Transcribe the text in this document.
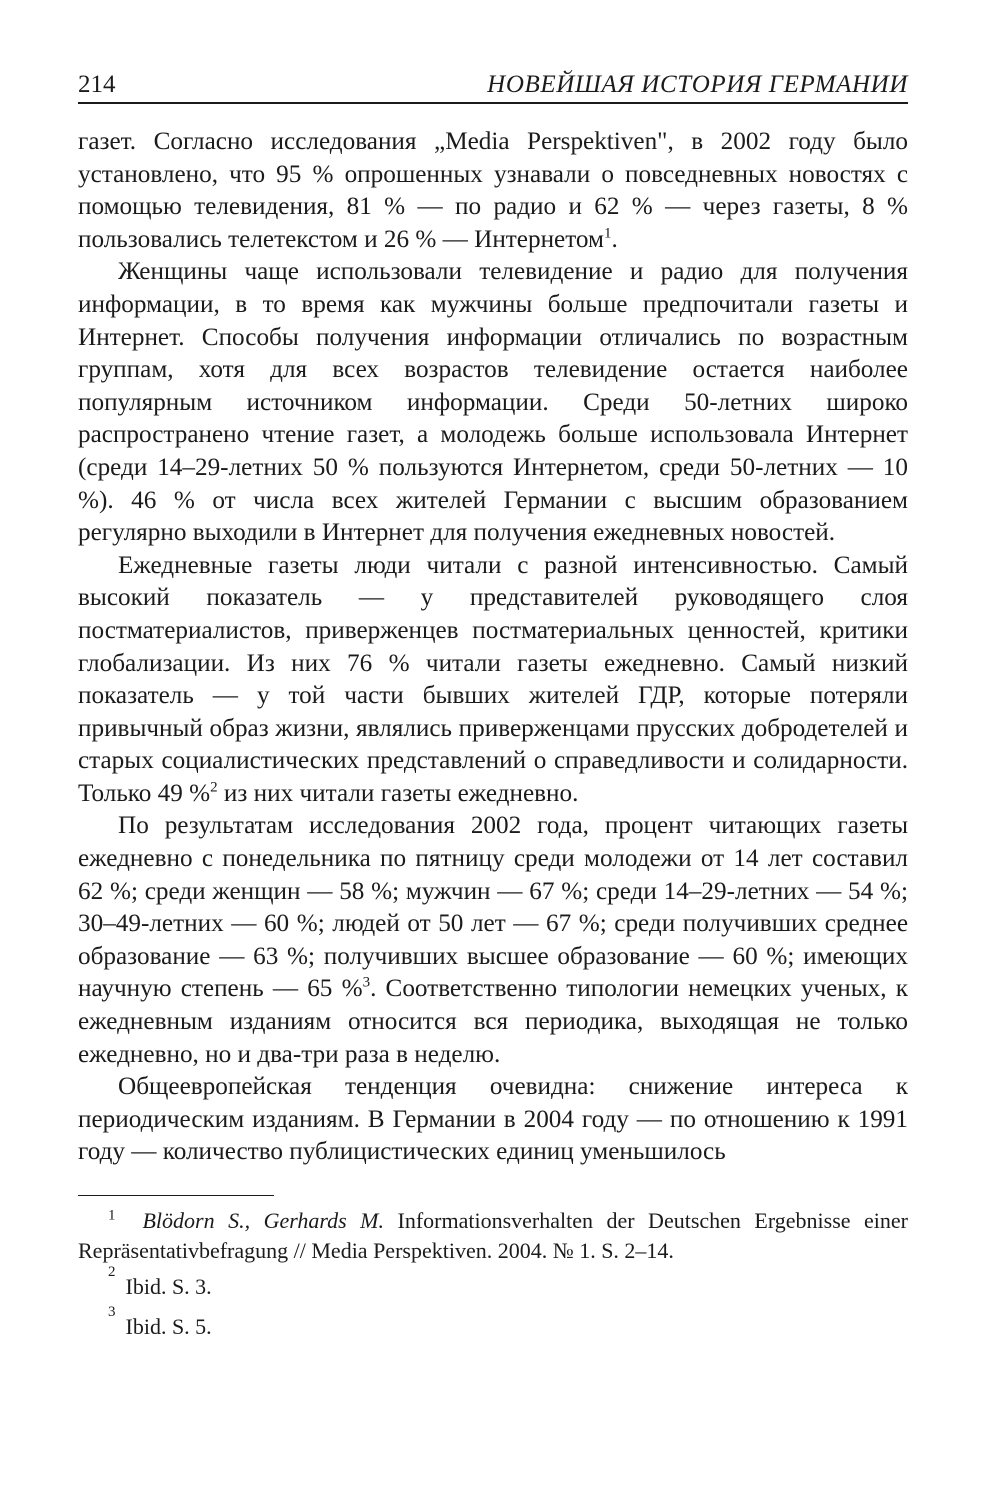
214	НОВЕЙШАЯ ИСТОРИЯ ГЕРМАНИИ

газет. Согласно исследования „Media Perspektiven", в 2002 году было установлено, что 95 % опрошенных узнавали о повседневных новостях с помощью телевидения, 81 % — по радио и 62 % — через газеты, 8 % пользовались телетекстом и 26 % — Интернетом$^1$.

Женщины чаще использовали телевидение и радио для получения информации, в то время как мужчины больше предпочитали газеты и Интернет. Способы получения информации отличались по возрастным группам, хотя для всех возрастов телевидение остается наиболее популярным источником информации. Среди 50-летних широко распространено чтение газет, а молодежь больше использовала Интернет (среди 14–29-летних 50 % пользуются Интернетом, среди 50-летних — 10 %). 46 % от числа всех жителей Германии с высшим образованием регулярно выходили в Интернет для получения ежедневных новостей.

Ежедневные газеты люди читали с разной интенсивностью. Самый высокий показатель — у представителей руководящего слоя постматериалистов, приверженцев постматериальных ценностей, критики глобализации. Из них 76 % читали газеты ежедневно. Самый низкий показатель — у той части бывших жителей ГДР, которые потеряли привычный образ жизни, являлись приверженцами прусских добродетелей и старых социалистических представлений о справедливости и солидарности. Только 49 %$^2$ из них читали газеты ежедневно.

По результатам исследования 2002 года, процент читающих газеты ежедневно с понедельника по пятницу среди молодежи от 14 лет составил 62 %; среди женщин — 58 %; мужчин — 67 %; среди 14–29-летних — 54 %; 30–49-летних — 60 %; людей от 50 лет — 67 %; среди получивших среднее образование — 63 %; получивших высшее образование — 60 %; имеющих научную степень — 65 %$^3$. Соответственно типологии немецких ученых, к ежедневным изданиям относится вся периодика, выходящая не только ежедневно, но и два-три раза в неделю.

Общеевропейская тенденция очевидна: снижение интереса к периодическим изданиям. В Германии в 2004 году — по отношению к 1991 году — количество публицистических единиц уменьшилось

$^1$ Blödorn S., Gerhards M. Informationsverhalten der Deutschen Ergebnisse einer Repräsentativbefragung // Media Perspektiven. 2004. № 1. S. 2–14.

2
Ibid. S. 3.
3
Ibid. S. 5.
